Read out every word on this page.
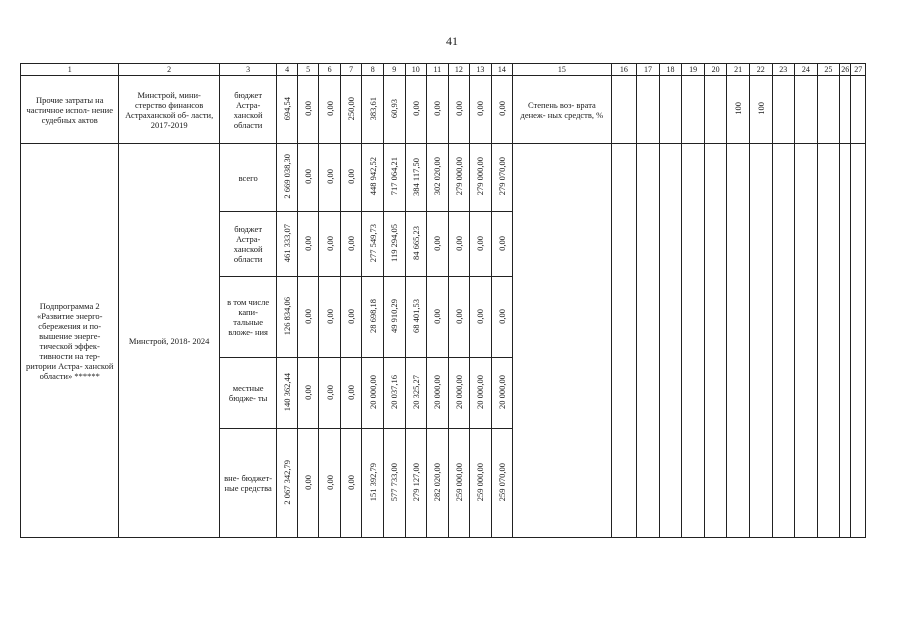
41
1	2	3	4	5	6	7	8	9	10	11	12	13	14	15	16	17	18	19	20	21	22	23	24	25	26	27

Прочие затраты на частичное испол- нение судебных актов	Минстрой, мини- стерство финансов Астраханской об- ласти, 2017-2019	бюджет Астра- ханской области	694,54	0,00	0,00	250,00	383,61	60,93	0,00	0,00	0,00	0,00	0,00	Степень воз- врата денеж- ных средств, %						100	100					

Подпрограмма 2 «Развитие энерго- сбережения и по- вышение энерге- тической эффек- тивности на тер- ритории Астра- ханской области» ******	Минстрой, 2018- 2024	всего	2 669 038,30	0,00	0,00	0,00	448 942,52	717 064,21	384 117,50	302 020,00	279 000,00	279 000,00	279 070,00													

		бюджет Астра- ханской области	461 333,07	0,00	0,00	0,00	277 549,73	119 294,05	84 665,23	0,00	0,00	0,00	0,00													

		в том числе капи- тальные вложе- ния	126 834,06	0,00	0,00	0,00	28 698,18	49 910,29	68 401,53	0,00	0,00	0,00	0,00													

		местные бюдже- ты	140 362,44	0,00	0,00	0,00	20 000,00	20 037,16	20 325,27	20 000,00	20 000,00	20 000,00	20 000,00													

		вне- бюджет- ные средства	2 067 342,79	0,00	0,00	0,00	151 392,79	577 733,00	279 127,00	282 020,00	259 000,00	259 000,00	259 070,00													
